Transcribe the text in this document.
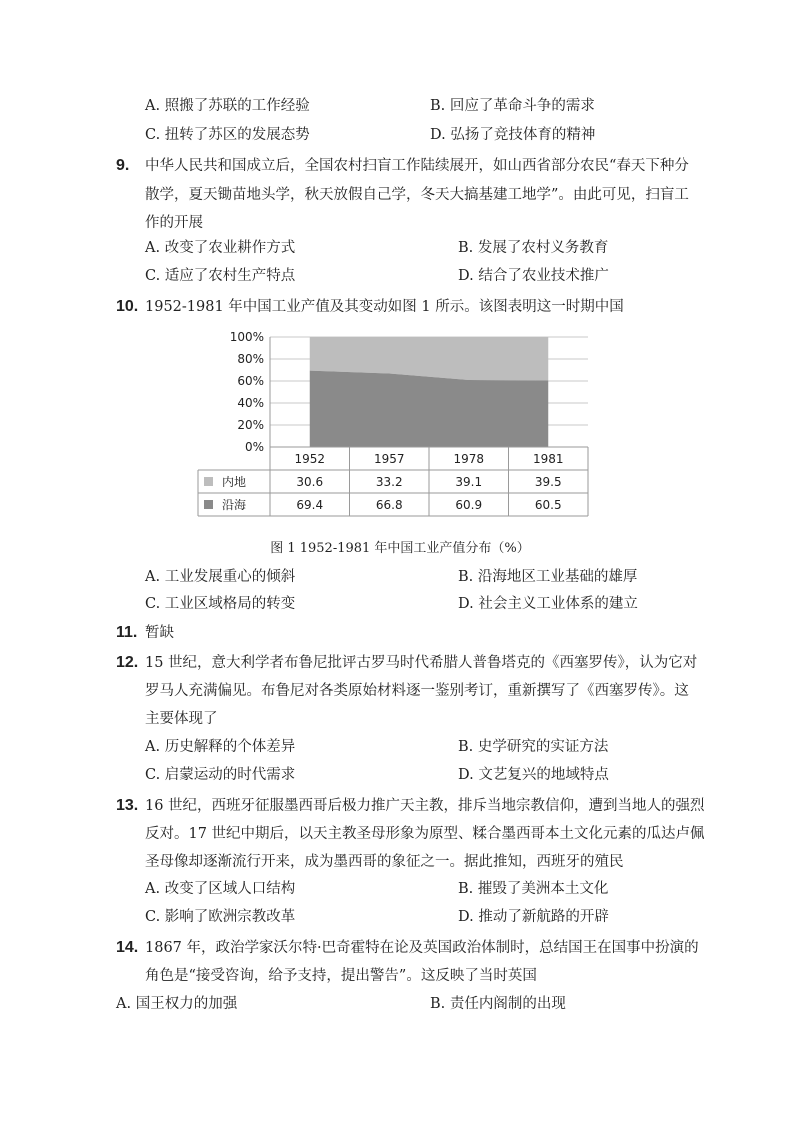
A. 照搬了苏联的工作经验	B. 回应了革命斗争的需求
C. 扭转了苏区的发展态势	D. 弘扬了竞技体育的精神
9. 中华人民共和国成立后，全国农村扫盲工作陆续展开，如山西省部分农民“春天下种分
散学，夏天锄苗地头学，秋天放假自己学，冬天大搞基建工地学”。由此可见，扫盲工
作的开展
A. 改变了农业耕作方式	B. 发展了农村义务教育
C. 适应了农村生产特点	D. 结合了农业技术推广
10. 1952-1981 年中国工业产值及其变动如图 1 所示。该图表明这一时期中国
100%
80%
60%
40%
20%
0%
1952	1957	1978	1981
内地	30.6	33.2	39.1	39.5
沿海	69.4	66.8	60.9	60.5
图 1 1952-1981 年中国工业产值分布（%）
A. 工业发展重心的倾斜	B. 沿海地区工业基础的雄厚
C. 工业区域格局的转变	D. 社会主义工业体系的建立
11. 暂缺
12. 15 世纪，意大利学者布鲁尼批评古罗马时代希腊人普鲁塔克的《西塞罗传》，认为它对
罗马人充满偏见。布鲁尼对各类原始材料逐一鉴别考订，重新撰写了《西塞罗传》。这
主要体现了
A. 历史解释的个体差异	B. 史学研究的实证方法
C. 启蒙运动的时代需求	D. 文艺复兴的地域特点
13. 16 世纪，西班牙征服墨西哥后极力推广天主教，排斥当地宗教信仰，遭到当地人的强烈
反对。17 世纪中期后，以天主教圣母形象为原型、糅合墨西哥本土文化元素的瓜达卢佩
圣母像却逐渐流行开来，成为墨西哥的象征之一。据此推知，西班牙的殖民
A. 改变了区域人口结构	B. 摧毁了美洲本土文化
C. 影响了欧洲宗教改革	D. 推动了新航路的开辟
14. 1867 年，政治学家沃尔特·巴奇霍特在论及英国政治体制时，总结国王在国事中扮演的
角色是“接受咨询，给予支持，提出警告”。这反映了当时英国
A. 国王权力的加强	B. 责任内阁制的出现
